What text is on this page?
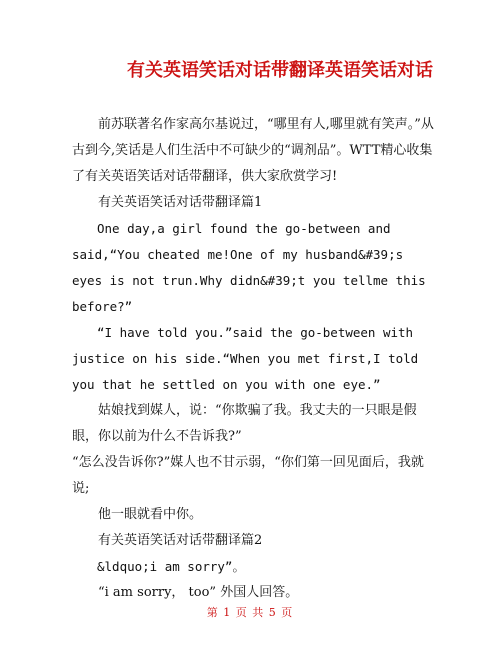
有关英语笑话对话带翻译英语笑话对话

前苏联著名作家高尔基说过，“哪里有人,哪里就有笑声。”从古到今,笑话是人们生活中不可缺少的“调剂品”。WTT精心收集了有关英语笑话对话带翻译，供大家欣赏学习!

有关英语笑话对话带翻译篇1

One day,a girl found the go-between and said,“You cheated me!One of my husband&#39;s eyes is not trun.Why didn&#39;t you tellme this before?”

“I have told you.”said the go-between with justice on his side.“When you met first,I told you that he settled on you with one eye.”

姑娘找到媒人，说：“你欺骗了我。我丈夫的一只眼是假眼，你以前为什么不告诉我?”

“怎么没告诉你?”媒人也不甘示弱，“你们第一回见面后，我就说;

他一眼就看中你。

有关英语笑话对话带翻译篇2

&ldquo;i am sorry”。

“i am sorry， too” 外国人回答。

第 1 页 共 5 页
